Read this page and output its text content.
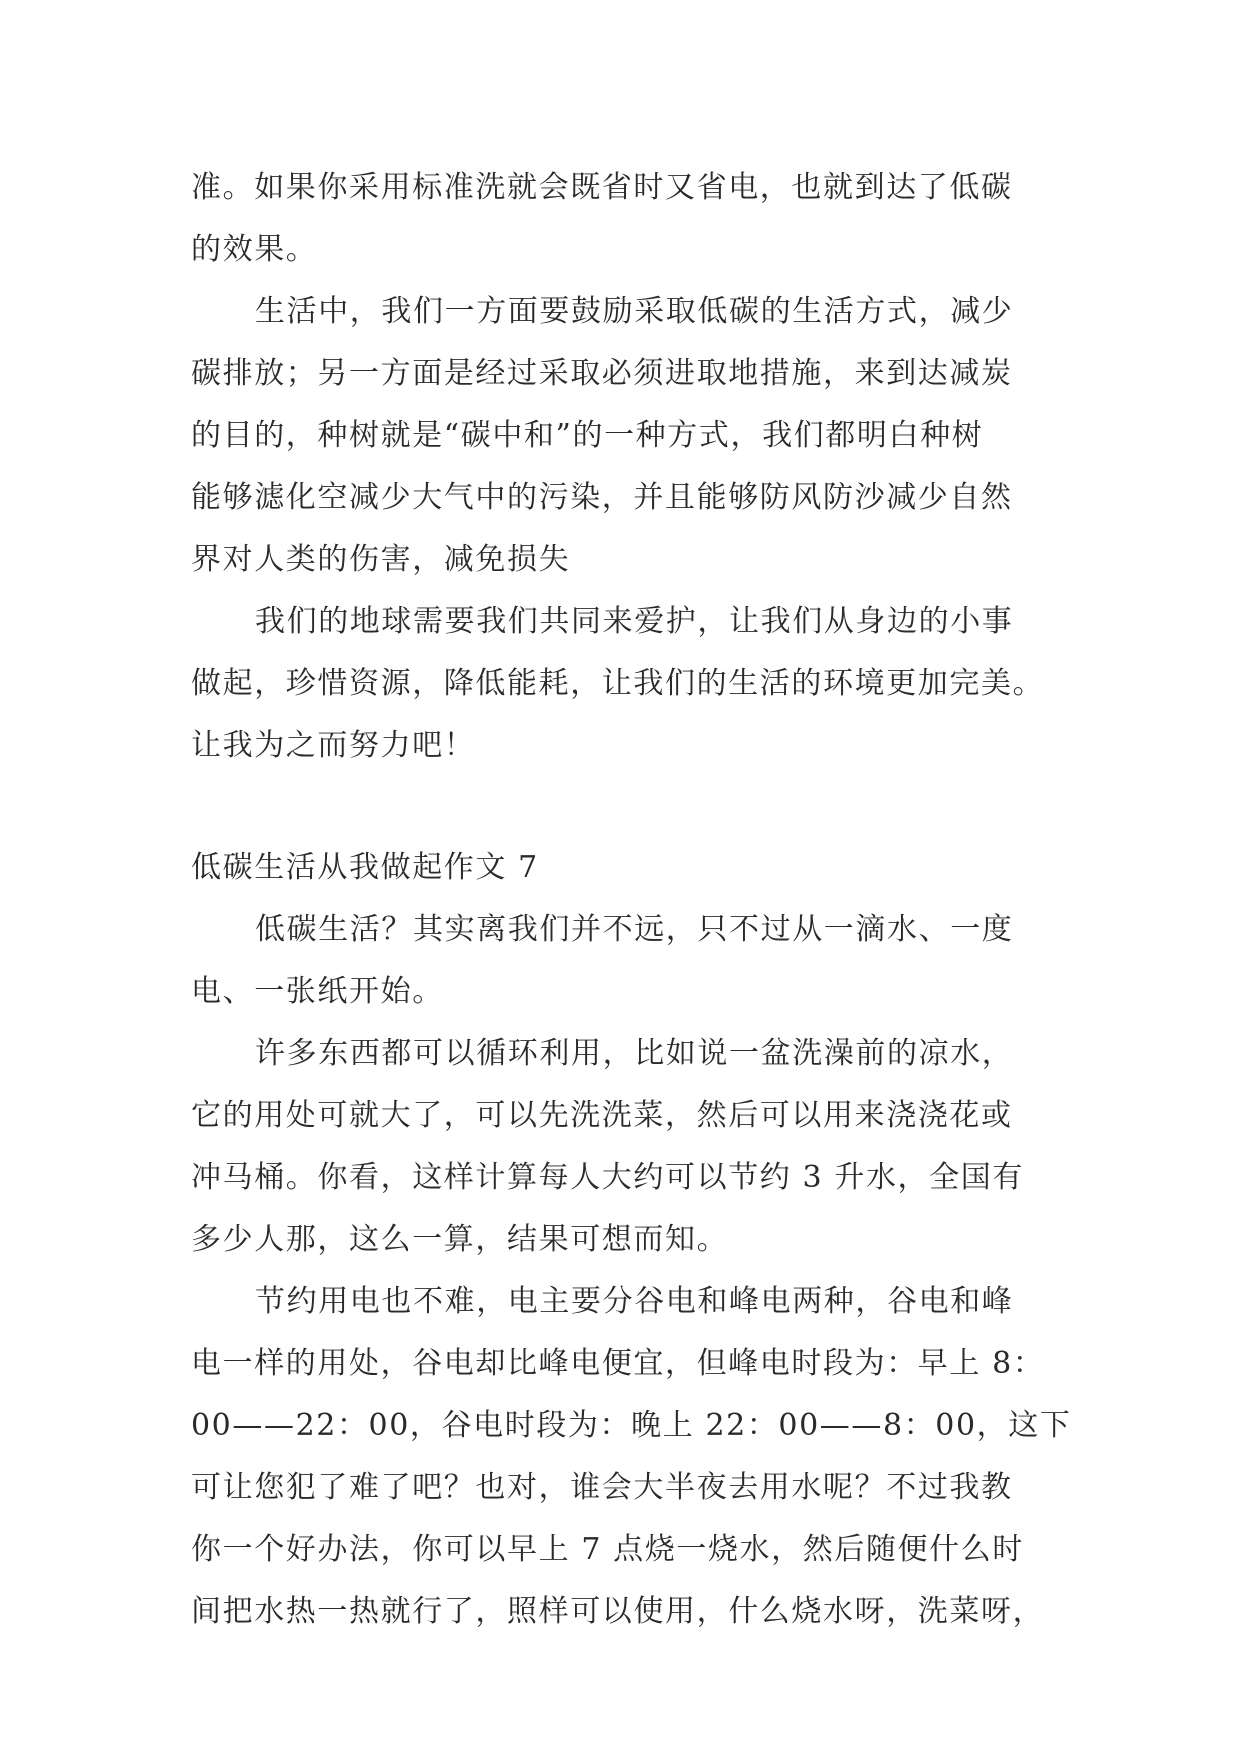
准。如果你采用标准洗就会既省时又省电，也就到达了低碳
的效果。
生活中，我们一方面要鼓励采取低碳的生活方式，减少
碳排放；另一方面是经过采取必须进取地措施，来到达减炭
的目的，种树就是“碳中和”的一种方式，我们都明白种树
能够滤化空减少大气中的污染，并且能够防风防沙减少自然
界对人类的伤害，减免损失
我们的地球需要我们共同来爱护，让我们从身边的小事
做起，珍惜资源，降低能耗，让我们的生活的环境更加完美。
让我为之而努力吧！
低碳生活从我做起作文 7
低碳生活？其实离我们并不远，只不过从一滴水、一度
电、一张纸开始。
许多东西都可以循环利用，比如说一盆洗澡前的凉水，
它的用处可就大了，可以先洗洗菜，然后可以用来浇浇花或
冲马桶。你看，这样计算每人大约可以节约 3 升水，全国有
多少人那，这么一算，结果可想而知。
节约用电也不难，电主要分谷电和峰电两种，谷电和峰
电一样的用处，谷电却比峰电便宜，但峰电时段为：早上 8：
00——22：00，谷电时段为：晚上 22：00——8：00，这下
可让您犯了难了吧？也对，谁会大半夜去用水呢？不过我教
你一个好办法，你可以早上 7 点烧一烧水，然后随便什么时
间把水热一热就行了，照样可以使用，什么烧水呀，洗菜呀，
